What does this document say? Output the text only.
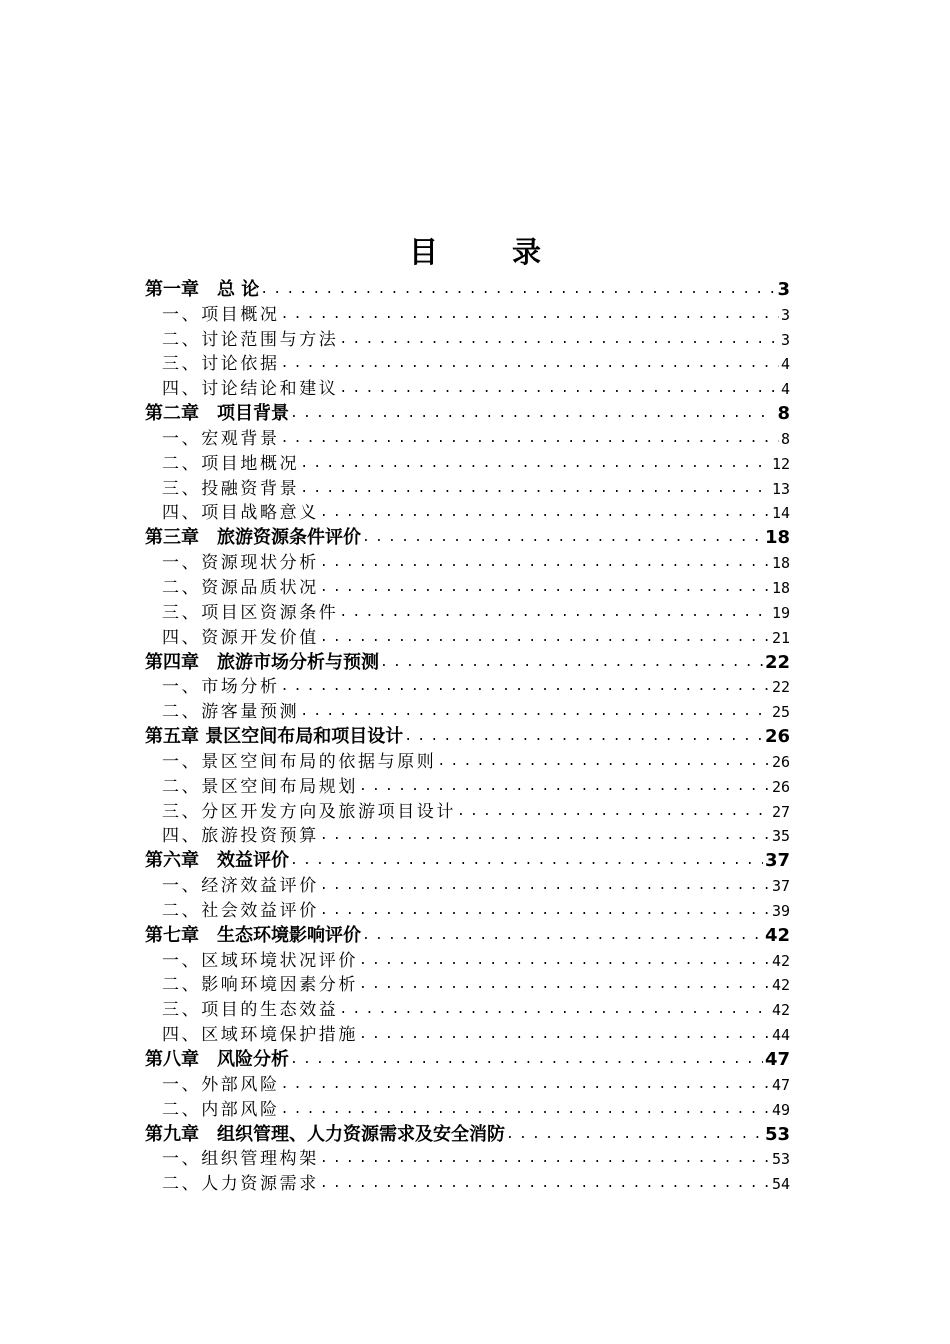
目 录
第一章　总 论 .....	3
一、项目概况 .....	3
二、讨论范围与方法 .....	3
三、讨论依据 .....	4
四、讨论结论和建议 .....	4
第二章　项目背景 .....	8
一、宏观背景 .....	8
二、项目地概况 .....	12
三、投融资背景 .....	13
四、项目战略意义 .....	14
第三章　旅游资源条件评价 .....	18
一、资源现状分析 .....	18
二、资源品质状况 .....	18
三、项目区资源条件 .....	19
四、资源开发价值 .....	21
第四章　旅游市场分析与预测 .....	22
一、市场分析 .....	22
二、游客量预测 .....	25
第五章 景区空间布局和项目设计 .....	26
一、景区空间布局的依据与原则 .....	26
二、景区空间布局规划 .....	26
三、分区开发方向及旅游项目设计 .....	27
四、旅游投资预算 .....	35
第六章　效益评价 .....	37
一、经济效益评价 .....	37
二、社会效益评价 .....	39
第七章　生态环境影响评价 .....	42
一、区域环境状况评价 .....	42
二、影响环境因素分析 .....	42
三、项目的生态效益 .....	42
四、区域环境保护措施 .....	44
第八章　风险分析 .....	47
一、外部风险 .....	47
二、内部风险 .....	49
第九章　组织管理、人力资源需求及安全消防 .....	53
一、组织管理构架 .....	53
二、人力资源需求 .....	54
